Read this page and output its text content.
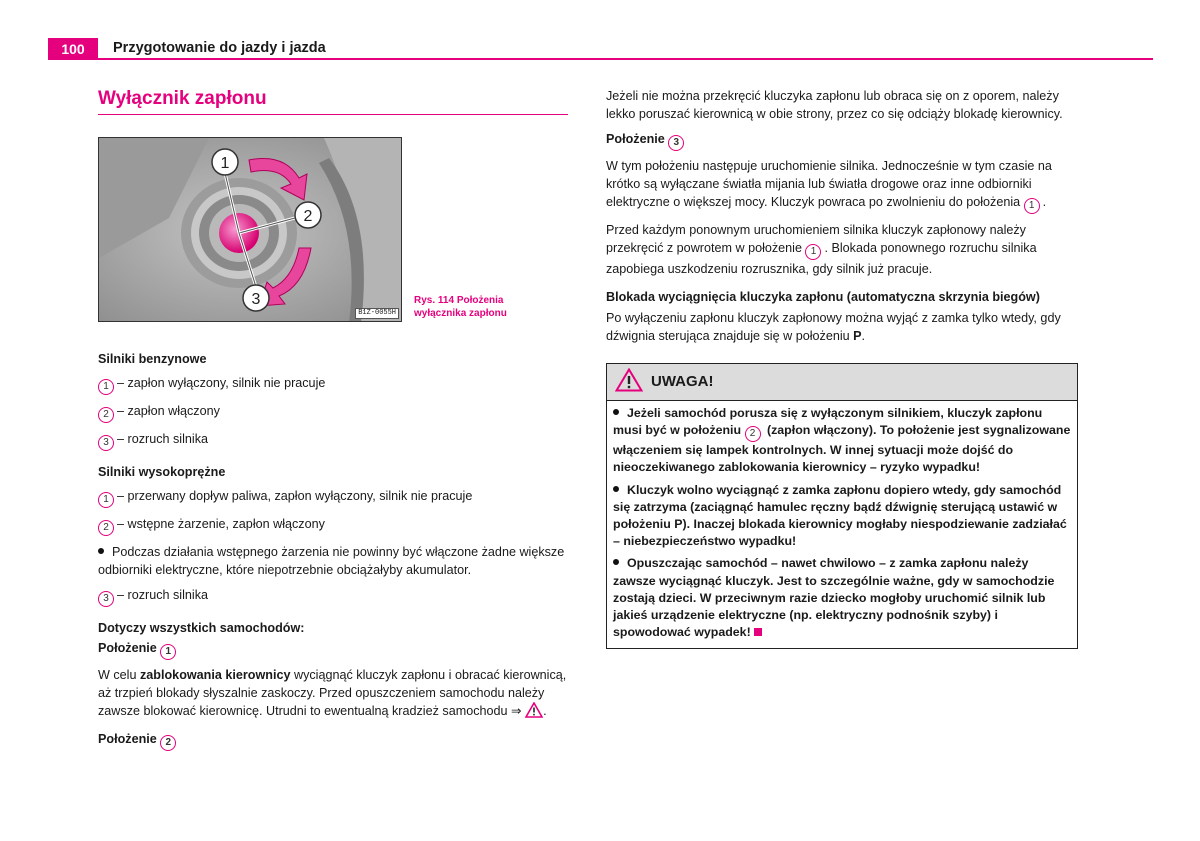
100	Przygotowanie do jazdy i jazda
Wyłącznik zapłonu
1
2
3
B1Z-0055H
Rys. 114 Położenia
wyłącznika zapłonu
Silniki benzynowe
1 – zapłon wyłączony, silnik nie pracuje
2 – zapłon włączony
3 – rozruch silnika
Silniki wysokoprężne
1 – przerwany dopływ paliwa, zapłon wyłączony, silnik nie pracuje
2 – wstępne żarzenie, zapłon włączony

Podczas działania wstępnego żarzenia nie powinny być włączone żadne większe odbiorniki elektryczne, które niepotrzebnie obciążałyby akumulator.

3 – rozruch silnika
Dotyczy wszystkich samochodów:
Położenie 1

W celu zablokowania kierownicy wyciągnąć kluczyk zapłonu i obracać kierownicą, aż trzpień blokady słyszalnie zaskoczy. Przed opuszczeniem samochodu należy zawsze blokować kierownicę. Utrudni to ewentualną kradzież samochodu ⇒ .

Położenie 2

Jeżeli nie można przekręcić kluczyka zapłonu lub obraca się on z oporem, należy lekko poruszać kierownicą w obie strony, przez co się odciąży blokadę kierownicy.

Położenie 3

W tym położeniu następuje uruchomienie silnika. Jednocześnie w tym czasie na krótko są wyłączane światła mijania lub światła drogowe oraz inne odbiorniki elektryczne o większej mocy. Kluczyk powraca po zwolnieniu do położenia 1 .

Przed każdym ponownym uruchomieniem silnika kluczyk zapłonowy należy przekręcić z powrotem w położenie 1 . Blokada ponownego rozruchu silnika zapobiega uszkodzeniu rozrusznika, gdy silnik już pracuje.

Blokada wyciągnięcia kluczyka zapłonu (automatyczna skrzynia biegów)

Po wyłączeniu zapłonu kluczyk zapłonowy można wyjąć z zamka tylko wtedy, gdy dźwignia sterująca znajduje się w położeniu P.

UWAGA!

Jeżeli samochód porusza się z wyłączonym silnikiem, kluczyk zapłonu musi być w położeniu 2 (zapłon włączony). To położenie jest sygnalizowane włączeniem się lampek kontrolnych. W innej sytuacji może dojść do nieoczekiwanego zablokowania kierownicy – ryzyko wypadku!

Kluczyk wolno wyciągnąć z zamka zapłonu dopiero wtedy, gdy samochód się zatrzyma (zaciągnąć hamulec ręczny bądź dźwignię sterującą ustawić w położeniu P). Inaczej blokada kierownicy mogłaby niespodziewanie zadziałać – niebezpieczeństwo wypadku!

Opuszczając samochód – nawet chwilowo – z zamka zapłonu należy zawsze wyciągnąć kluczyk. Jest to szczególnie ważne, gdy w samochodzie zostają dzieci. W przeciwnym razie dziecko mogłoby uruchomić silnik lub jakieś urządzenie elektryczne (np. elektryczny podnośnik szyby) i spowodować wypadek!
